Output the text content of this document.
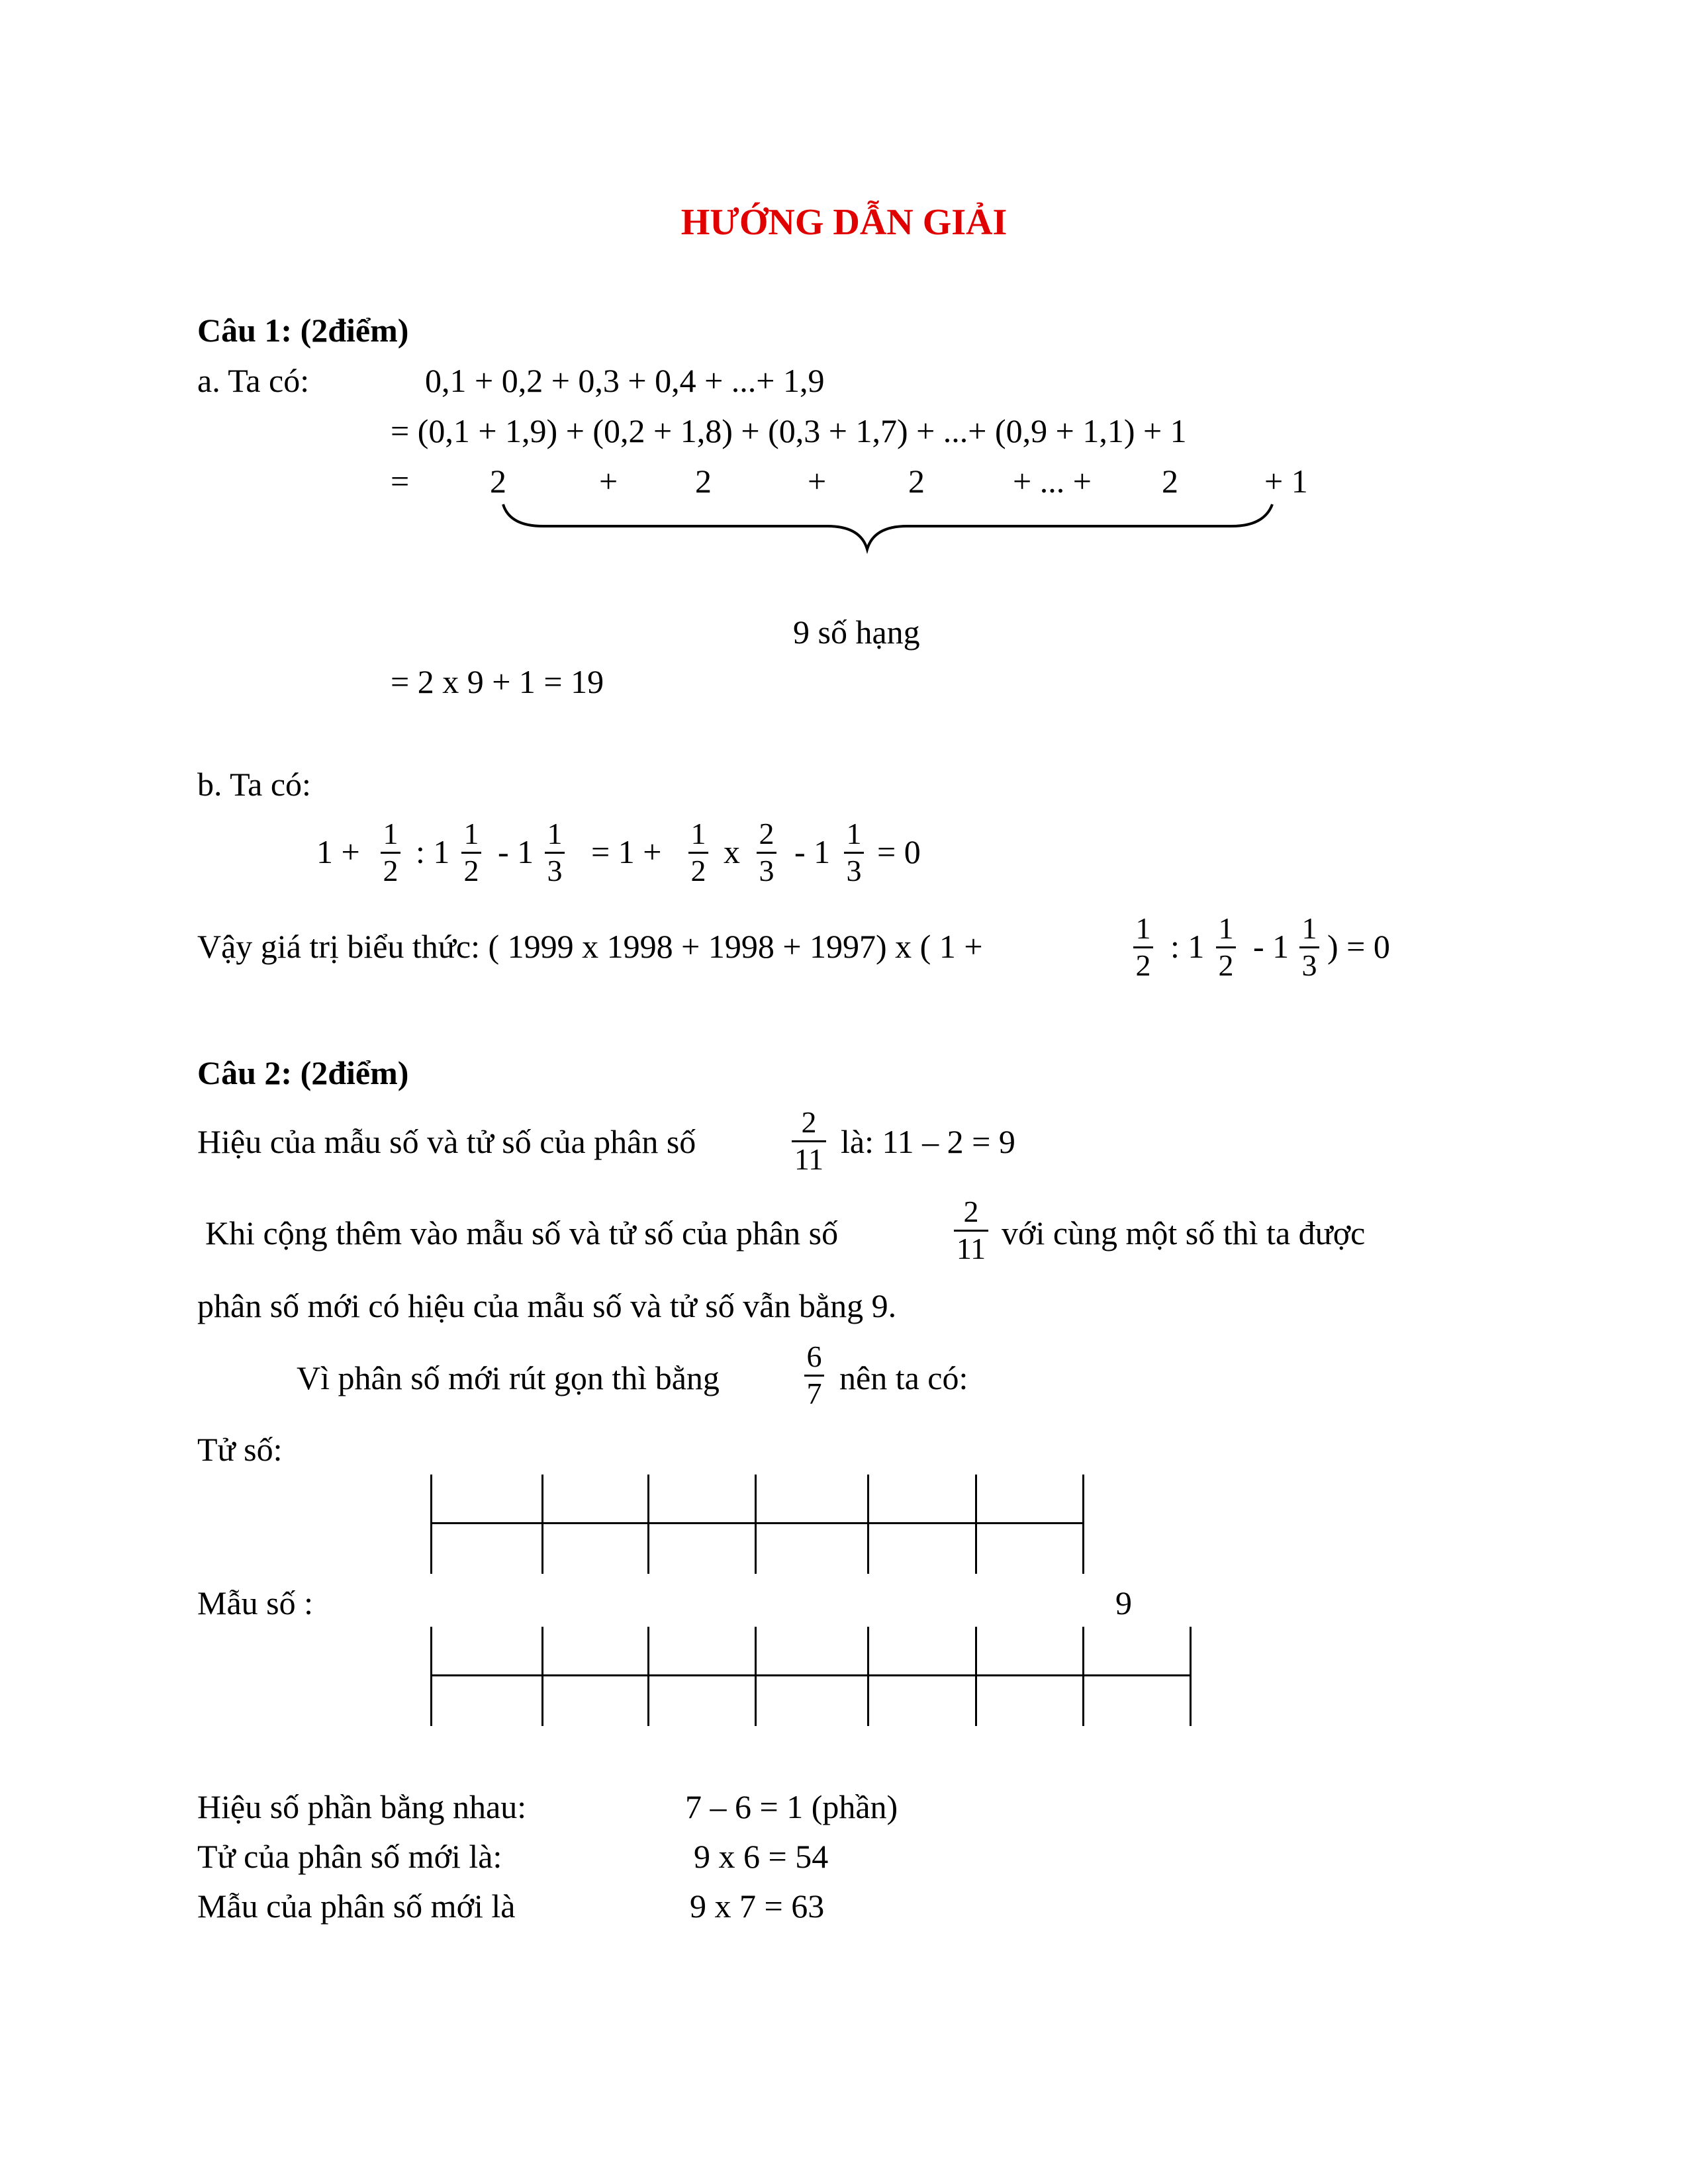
HƯỚNG DẪN GIẢI
Câu 1: (2điểm)
a. Ta có:	0,1 + 0,2 + 0,3 + 0,4 + ...+ 1,9
= (0,1 + 1,9) + (0,2 + 1,8) + (0,3 + 1,7) + ...+ (0,9 + 1,1) + 1
= 2	+ 2	+ 2	+ ... + 2	+ 1
9 số hạng
= 2 x 9 + 1 = 19
b. Ta có:
1 + 1
2
: 1 1
2
- 1 1
3
= 1 + 1
2
x 2
3
- 1 1
3
= 0
Vậy giá trị biểu thức: ( 1999 x 1998 + 1998 + 1997) x ( 1 +	1
2
: 1 1
2
- 1 1
3
) = 0
Câu 2: (2điểm)
Hiệu của mẫu số và tử số của phân số
2
11 là: 11 – 2 = 9
Khi cộng thêm vào mẫu số và tử số của phân số
2
11 với cùng một số thì ta được
phân số mới có hiệu của mẫu số và tử số vẫn bằng 9.
Vì phân số mới rút gọn thì bằng
6
7 nên ta có:
Tử số:
Mẫu số :	9
Hiệu số phần bằng nhau:	7 – 6 = 1 (phần)
Tử của phân số mới là:	9 x 6 = 54
Mẫu của phân số mới là	9 x 7 = 63
